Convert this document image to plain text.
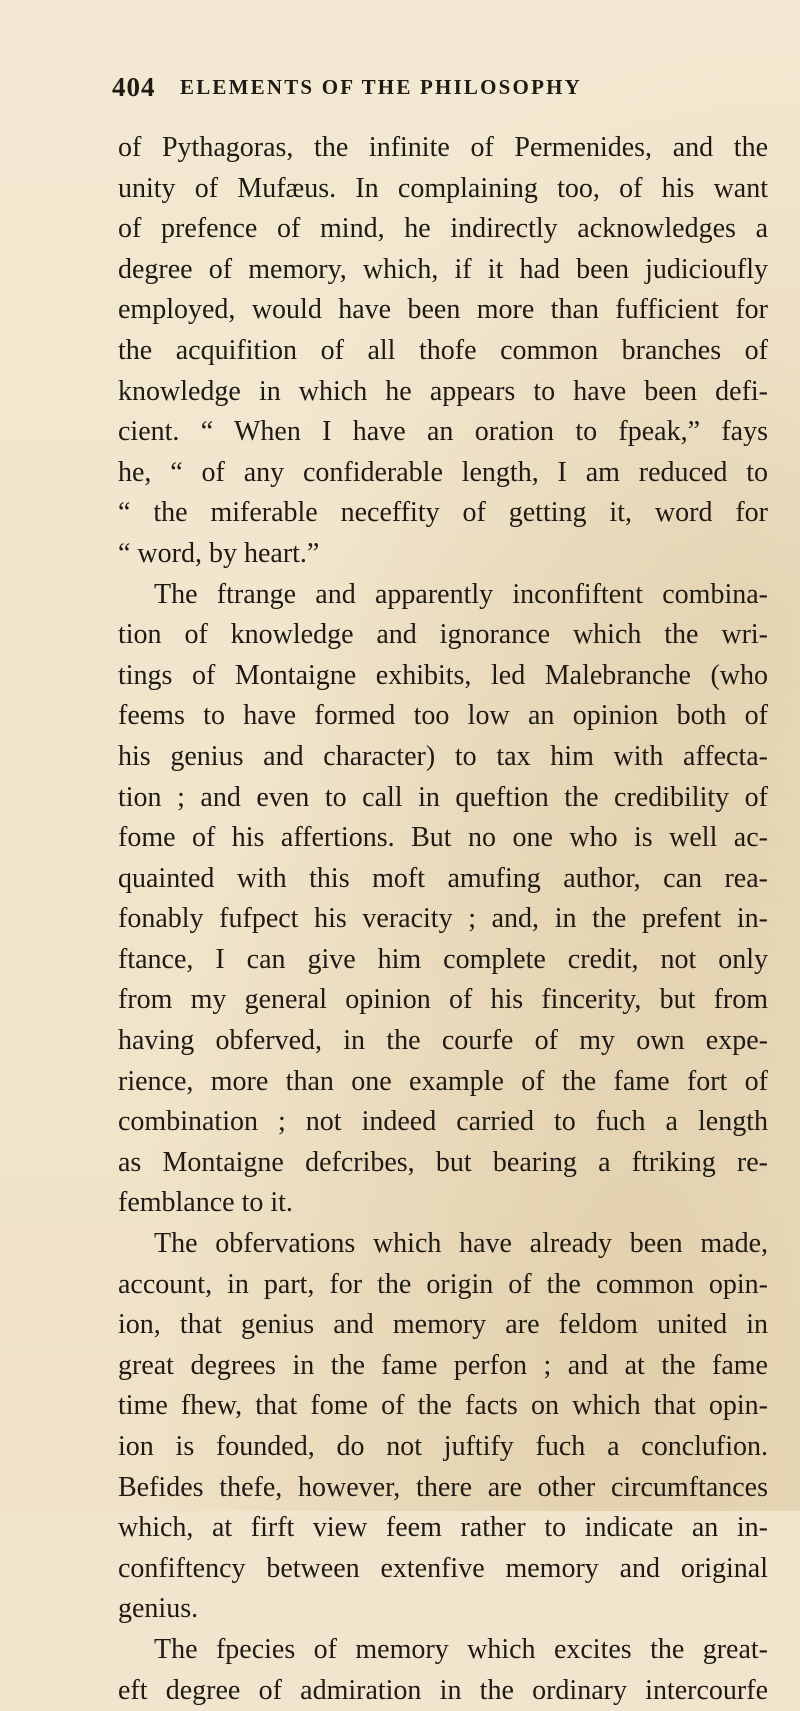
404 ELEMENTS OF THE PHILOSOPHY
of Pythagoras, the infinite of Permenides, and the
unity of Mufæus. In complaining too, of his want
of prefence of mind, he indirectly acknowledges a
degree of memory, which, if it had been judicioufly
employed, would have been more than fufficient for
the acquifition of all thofe common branches of
knowledge in which he appears to have been defi-
cient. “ When I have an oration to fpeak,” fays
he, “ of any confiderable length, I am reduced to
“ the miferable neceffity of getting it, word for
“ word, by heart.”
The ftrange and apparently inconfiftent combina-
tion of knowledge and ignorance which the wri-
tings of Montaigne exhibits, led Malebranche (who
feems to have formed too low an opinion both of
his genius and character) to tax him with affecta-
tion ; and even to call in queftion the credibility of
fome of his affertions. But no one who is well ac-
quainted with this moft amufing author, can rea-
fonably fufpect his veracity ; and, in the prefent in-
ftance, I can give him complete credit, not only
from my general opinion of his fincerity, but from
having obferved, in the courfe of my own expe-
rience, more than one example of the fame fort of
combination ; not indeed carried to fuch a length
as Montaigne defcribes, but bearing a ftriking re-
femblance to it.
The obfervations which have already been made,
account, in part, for the origin of the common opin-
ion, that genius and memory are feldom united in
great degrees in the fame perfon ; and at the fame
time fhew, that fome of the facts on which that opin-
ion is founded, do not juftify fuch a conclufion.
Befides thefe, however, there are other circumftances
which, at firft view feem rather to indicate an in-
confiftency between extenfive memory and original
genius.
The fpecies of memory which excites the great-
eft degree of admiration in the ordinary intercourfe
